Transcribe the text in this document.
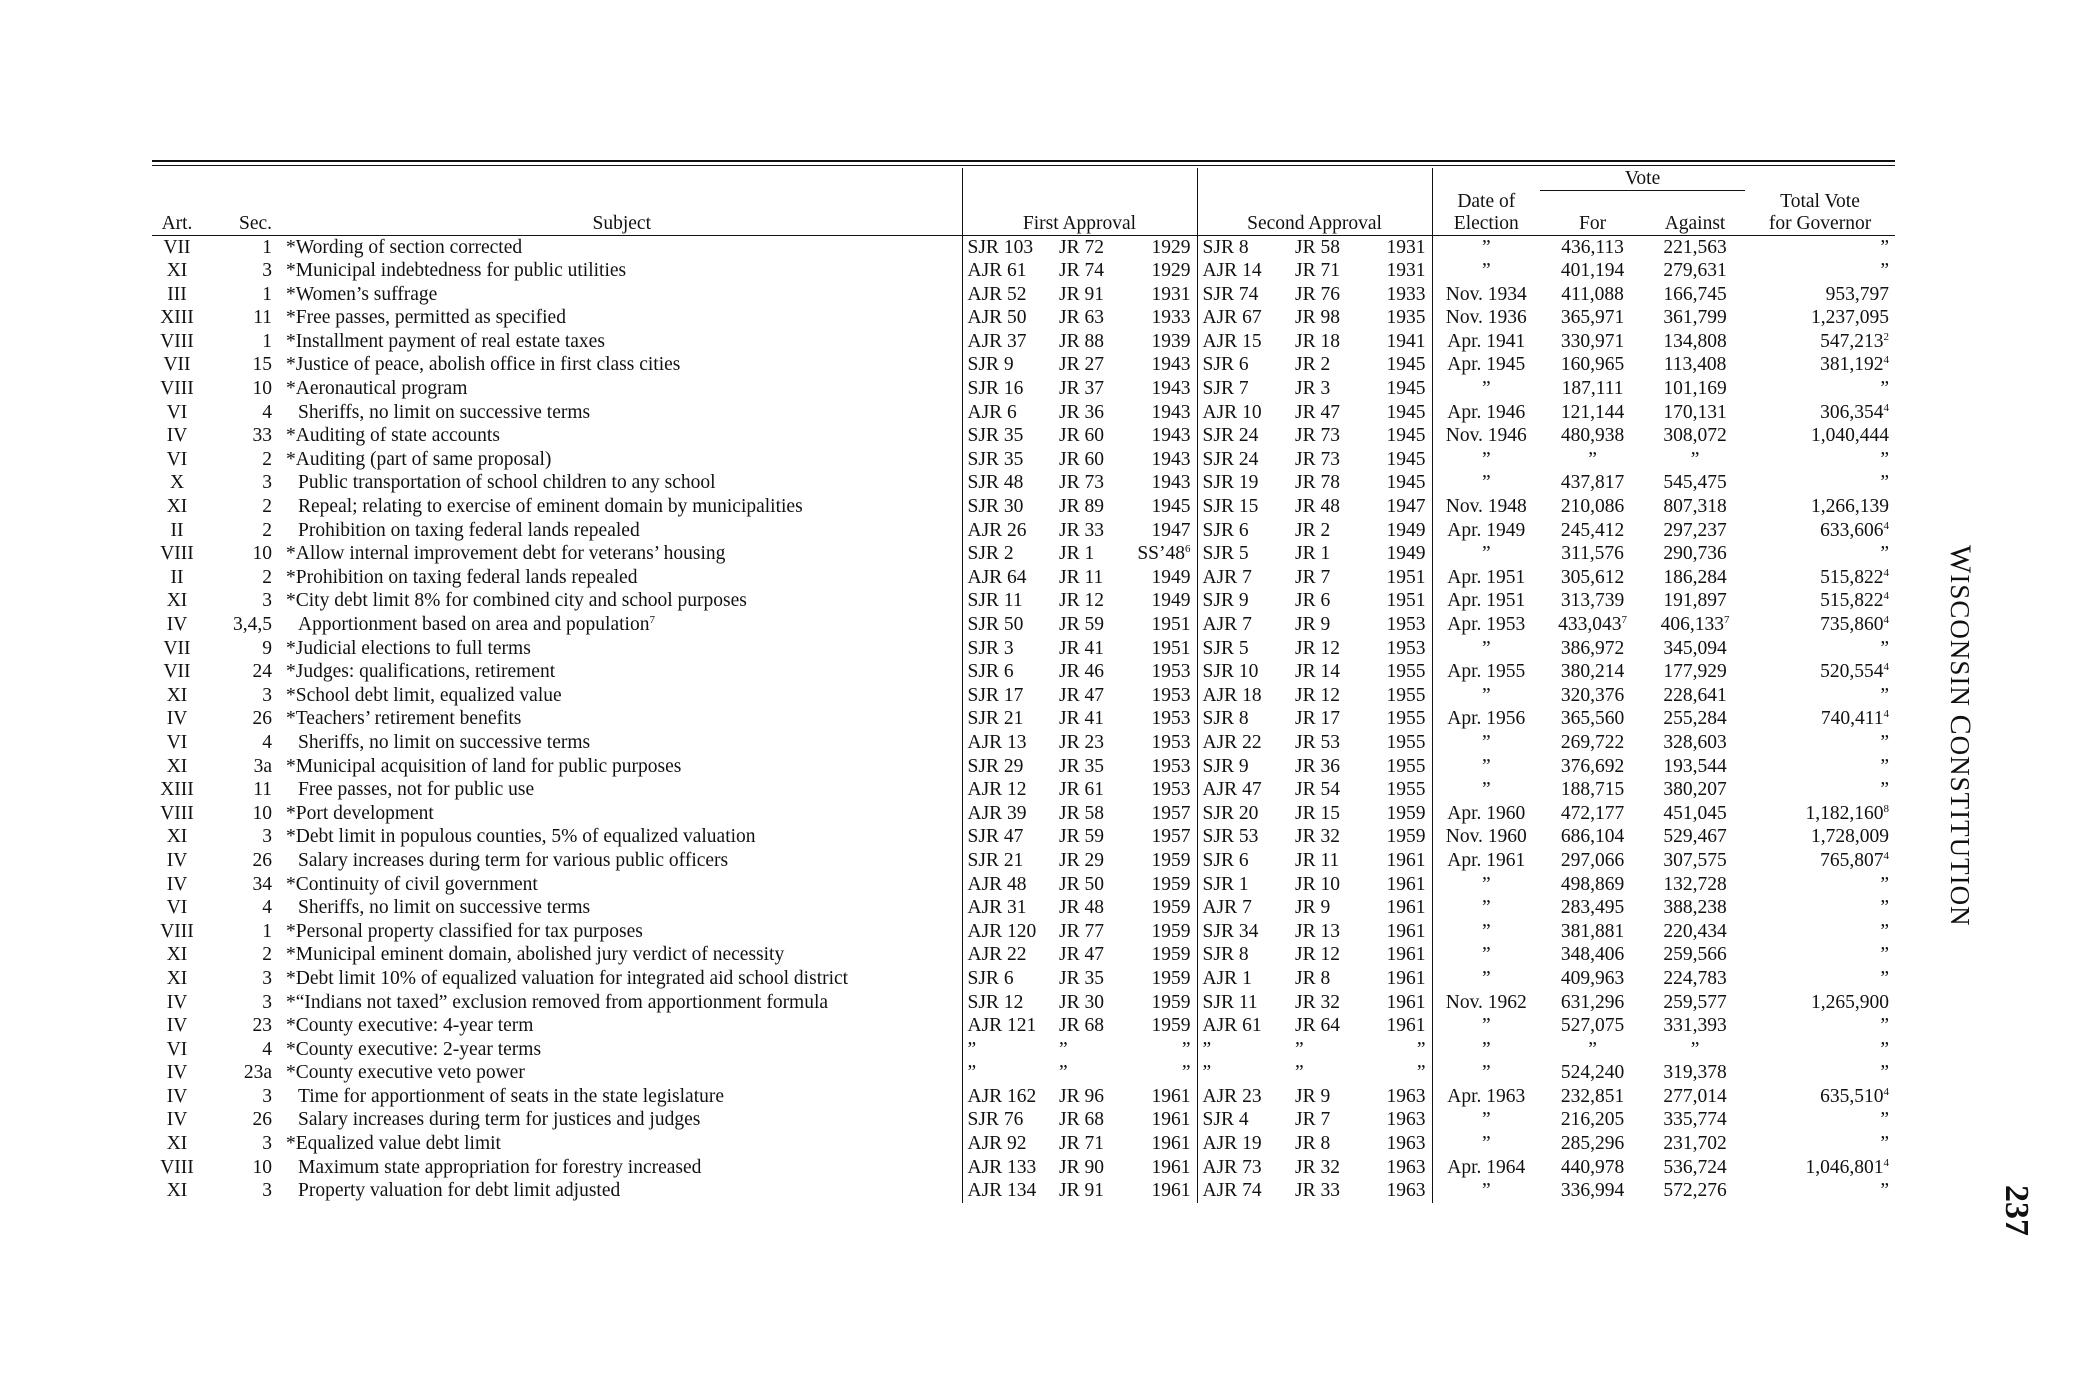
										Vote		
									Date of			Total Vote
Art.	Sec.	Subject	First Approval			Second Approval			Election	For	Against	for Governor
VII	1	*Wording of section corrected	SJR 103	JR 72	1929	SJR 8	JR 58	1931	”	436,113	221,563	”
XI	3	*Municipal indebtedness for public utilities	AJR 61	JR 74	1929	AJR 14	JR 71	1931	”	401,194	279,631	”
III	1	*Women’s suffrage	AJR 52	JR 91	1931	SJR 74	JR 76	1933	Nov. 1934	411,088	166,745	953,797
XIII	11	*Free passes, permitted as specified	AJR 50	JR 63	1933	AJR 67	JR 98	1935	Nov. 1936	365,971	361,799	1,237,095
VIII	1	*Installment payment of real estate taxes	AJR 37	JR 88	1939	AJR 15	JR 18	1941	Apr. 1941	330,971	134,808	547,213$^2$
VII	15	*Justice of peace, abolish office in first class cities	SJR 9	JR 27	1943	SJR 6	JR 2	1945	Apr. 1945	160,965	113,408	381,192$^4$
VIII	10	*Aeronautical program	SJR 16	JR 37	1943	SJR 7	JR 3	1945	”	187,111	101,169	”
VI	4	Sheriffs, no limit on successive terms	AJR 6	JR 36	1943	AJR 10	JR 47	1945	Apr. 1946	121,144	170,131	306,354$^4$
IV	33	*Auditing of state accounts	SJR 35	JR 60	1943	SJR 24	JR 73	1945	Nov. 1946	480,938	308,072	1,040,444
VI	2	*Auditing (part of same proposal)	SJR 35	JR 60	1943	SJR 24	JR 73	1945	”	”	”	”
X	3	Public transportation of school children to any school	SJR 48	JR 73	1943	SJR 19	JR 78	1945	”	437,817	545,475	”
XI	2	Repeal; relating to exercise of eminent domain by municipalities	SJR 30	JR 89	1945	SJR 15	JR 48	1947	Nov. 1948	210,086	807,318	1,266,139
II	2	Prohibition on taxing federal lands repealed	AJR 26	JR 33	1947	SJR 6	JR 2	1949	Apr. 1949	245,412	297,237	633,606$^4$
VIII	10	*Allow internal improvement debt for veterans’ housing	SJR 2	JR 1	$SS’48^6$	SJR 5	JR 1	1949	”	311,576	290,736	”
II	2	*Prohibition on taxing federal lands repealed	AJR 64	JR 11	1949	AJR 7	JR 7	1951	Apr. 1951	305,612	186,284	515,822$^4$
XI	3	*City debt limit 8% for combined city and school purposes	SJR 11	JR 12	1949	SJR 9	JR 6	1951	Apr. 1951	313,739	191,897	515,822$^4$
IV	3,4,5	Apportionment based on area and population$^7$	SJR 50	JR 59	1951	AJR 7	JR 9	1953	Apr. 1953	433,043$^7$	406,133$^7$	735,860$^4$
VII	9	*Judicial elections to full terms	SJR 3	JR 41	1951	SJR 5	JR 12	1953	”	386,972	345,094	”
VII	24	*Judges: qualifications, retirement	SJR 6	JR 46	1953	SJR 10	JR 14	1955	Apr. 1955	380,214	177,929	520,554$^4$
XI	3	*School debt limit, equalized value	SJR 17	JR 47	1953	AJR 18	JR 12	1955	”	320,376	228,641	”
IV	26	*Teachers’ retirement benefits	SJR 21	JR 41	1953	SJR 8	JR 17	1955	Apr. 1956	365,560	255,284	740,411$^4$
VI	4	Sheriffs, no limit on successive terms	AJR 13	JR 23	1953	AJR 22	JR 53	1955	”	269,722	328,603	”
XI	3a	*Municipal acquisition of land for public purposes	SJR 29	JR 35	1953	SJR 9	JR 36	1955	”	376,692	193,544	”
XIII	11	Free passes, not for public use	AJR 12	JR 61	1953	AJR 47	JR 54	1955	”	188,715	380,207	”
VIII	10	*Port development	AJR 39	JR 58	1957	SJR 20	JR 15	1959	Apr. 1960	472,177	451,045	1,182,160$^8$
XI	3	*Debt limit in populous counties, 5% of equalized valuation	SJR 47	JR 59	1957	SJR 53	JR 32	1959	Nov. 1960	686,104	529,467	1,728,009
IV	26	Salary increases during term for various public officers	SJR 21	JR 29	1959	SJR 6	JR 11	1961	Apr. 1961	297,066	307,575	765,807$^4$
IV	34	*Continuity of civil government	AJR 48	JR 50	1959	SJR 1	JR 10	1961	”	498,869	132,728	”
VI	4	Sheriffs, no limit on successive terms	AJR 31	JR 48	1959	AJR 7	JR 9	1961	”	283,495	388,238	”
VIII	1	*Personal property classified for tax purposes	AJR 120	JR 77	1959	SJR 34	JR 13	1961	”	381,881	220,434	”
XI	2	*Municipal eminent domain, abolished jury verdict of necessity	AJR 22	JR 47	1959	SJR 8	JR 12	1961	”	348,406	259,566	”
XI	3	*Debt limit 10% of equalized valuation for integrated aid school district	SJR 6	JR 35	1959	AJR 1	JR 8	1961	”	409,963	224,783	”
IV	3	*“Indians not taxed” exclusion removed from apportionment formula	SJR 12	JR 30	1959	SJR 11	JR 32	1961	Nov. 1962	631,296	259,577	1,265,900
IV	23	*County executive: 4-year term	AJR 121	JR 68	1959	AJR 61	JR 64	1961	”	527,075	331,393	”
VI	4	*County executive: 2-year terms	”	”	”	”	”	”	”	”	”	”
IV	23a	*County executive veto power	”	”	”	”	”	”	”	524,240	319,378	”
IV	3	Time for apportionment of seats in the state legislature	AJR 162	JR 96	1961	AJR 23	JR 9	1963	Apr. 1963	232,851	277,014	635,510$^4$
IV	26	Salary increases during term for justices and judges	SJR 76	JR 68	1961	SJR 4	JR 7	1963	”	216,205	335,774	”
XI	3	*Equalized value debt limit	AJR 92	JR 71	1961	AJR 19	JR 8	1963	”	285,296	231,702	”
VIII	10	Maximum state appropriation for forestry increased	AJR 133	JR 90	1961	AJR 73	JR 32	1963	Apr. 1964	440,978	536,724	1,046,801$^4$
XI	3	Property valuation for debt limit adjusted	AJR 134	JR 91	1961	AJR 74	JR 33	1963	”	336,994	572,276	”
WISCONSIN CONSTITUTION
237
